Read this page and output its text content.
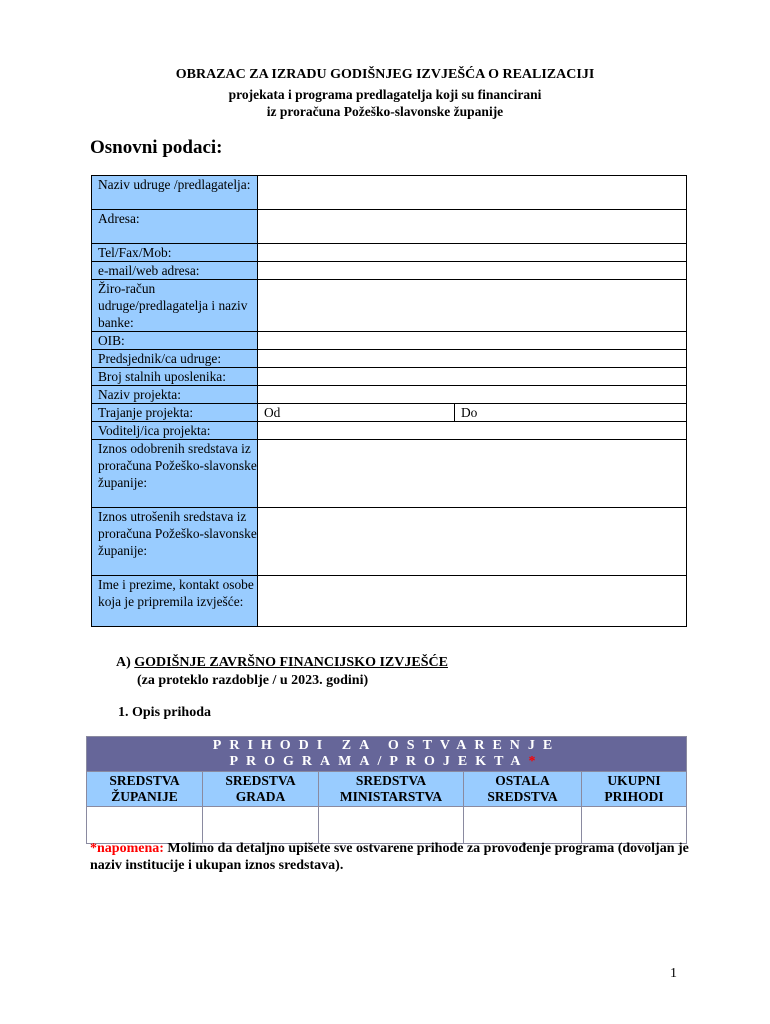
OBRAZAC ZA IZRADU GODIŠNJEG IZVJEŠĆA O REALIZACIJI
projekata i programa predlagatelja koji su financirani
iz proračuna Požeško-slavonske županije
Osnovni podaci:
Naziv udruge /predlagatelja:		
Adresa:		
Tel/Fax/Mob:		
e-mail/web adresa:		
Žiro-račun udruge/predlagatelja i naziv banke:		
OIB:		
Predsjednik/ca udruge:		
Broj stalnih uposlenika:		
Naziv projekta:		
Trajanje projekta:	Od	Do
Voditelj/ica projekta:		
Iznos odobrenih sredstava iz proračuna Požeško-slavonske županije:		
Iznos utrošenih sredstava iz proračuna Požeško-slavonske županije:		
Ime i prezime, kontakt osobe koja je pripremila izvješće:		
A) GODIŠNJE ZAVRŠNO FINANCIJSKO IZVJEŠĆE
(za proteklo razdoblje / u 2023. godini)
1. Opis prihoda
PRIHODI ZA OSTVARENJE
PROGRAMA/PROJEKTA*				

SREDSTVA ŽUPANIJE	SREDSTVA GRADA	SREDSTVA MINISTARSTVA	OSTALA SREDSTVA	UKUPNI PRIHODI

*napomena: Molimo da detaljno upišete sve ostvarene prihode za provođenje programa (dovoljan je naziv institucije i ukupan iznos sredstava).
1
